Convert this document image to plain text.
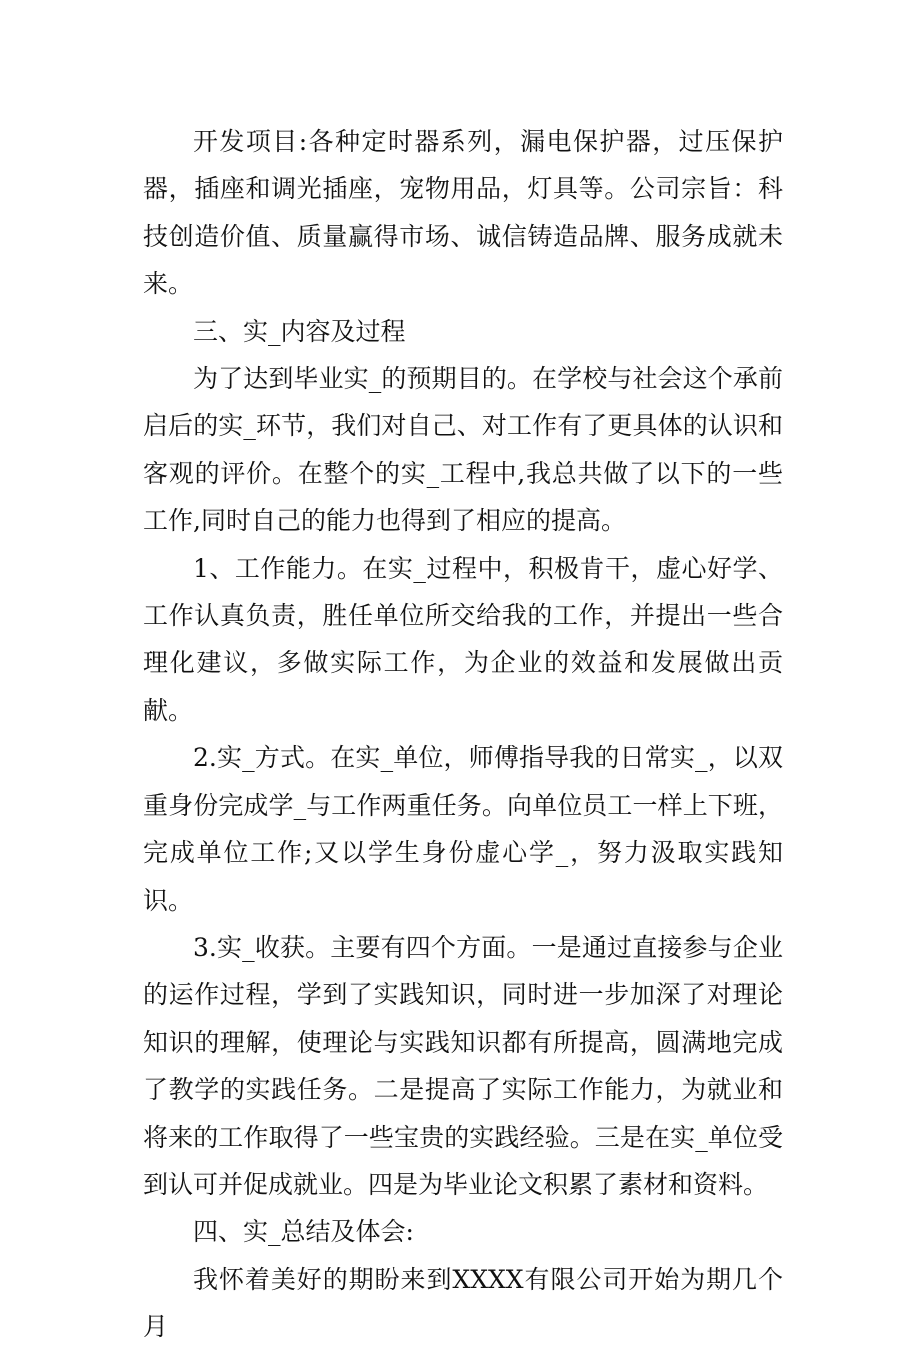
开发项目:各种定时器系列，漏电保护器，过压保护器，插座和调光插座，宠物用品，灯具等。公司宗旨：科技创造价值、质量赢得市场、诚信铸造品牌、服务成就未来。

三、实_内容及过程

为了达到毕业实_的预期目的。在学校与社会这个承前启后的实_环节，我们对自己、对工作有了更具体的认识和客观的评价。在整个的实_工程中,我总共做了以下的一些工作,同时自己的能力也得到了相应的提高。

1、工作能力。在实_过程中，积极肯干，虚心好学、工作认真负责，胜任单位所交给我的工作，并提出一些合理化建议，多做实际工作，为企业的效益和发展做出贡献。

2.实_方式。在实_单位，师傅指导我的日常实_，以双重身份完成学_与工作两重任务。向单位员工一样上下班，完成单位工作;又以学生身份虚心学_，努力汲取实践知识。

3.实_收获。主要有四个方面。一是通过直接参与企业的运作过程，学到了实践知识，同时进一步加深了对理论知识的理解，使理论与实践知识都有所提高，圆满地完成了教学的实践任务。二是提高了实际工作能力，为就业和将来的工作取得了一些宝贵的实践经验。三是在实_单位受到认可并促成就业。四是为毕业论文积累了素材和资料。

四、实_总结及体会:

我怀着美好的期盼来到XXXX有限公司开始为期几个月
